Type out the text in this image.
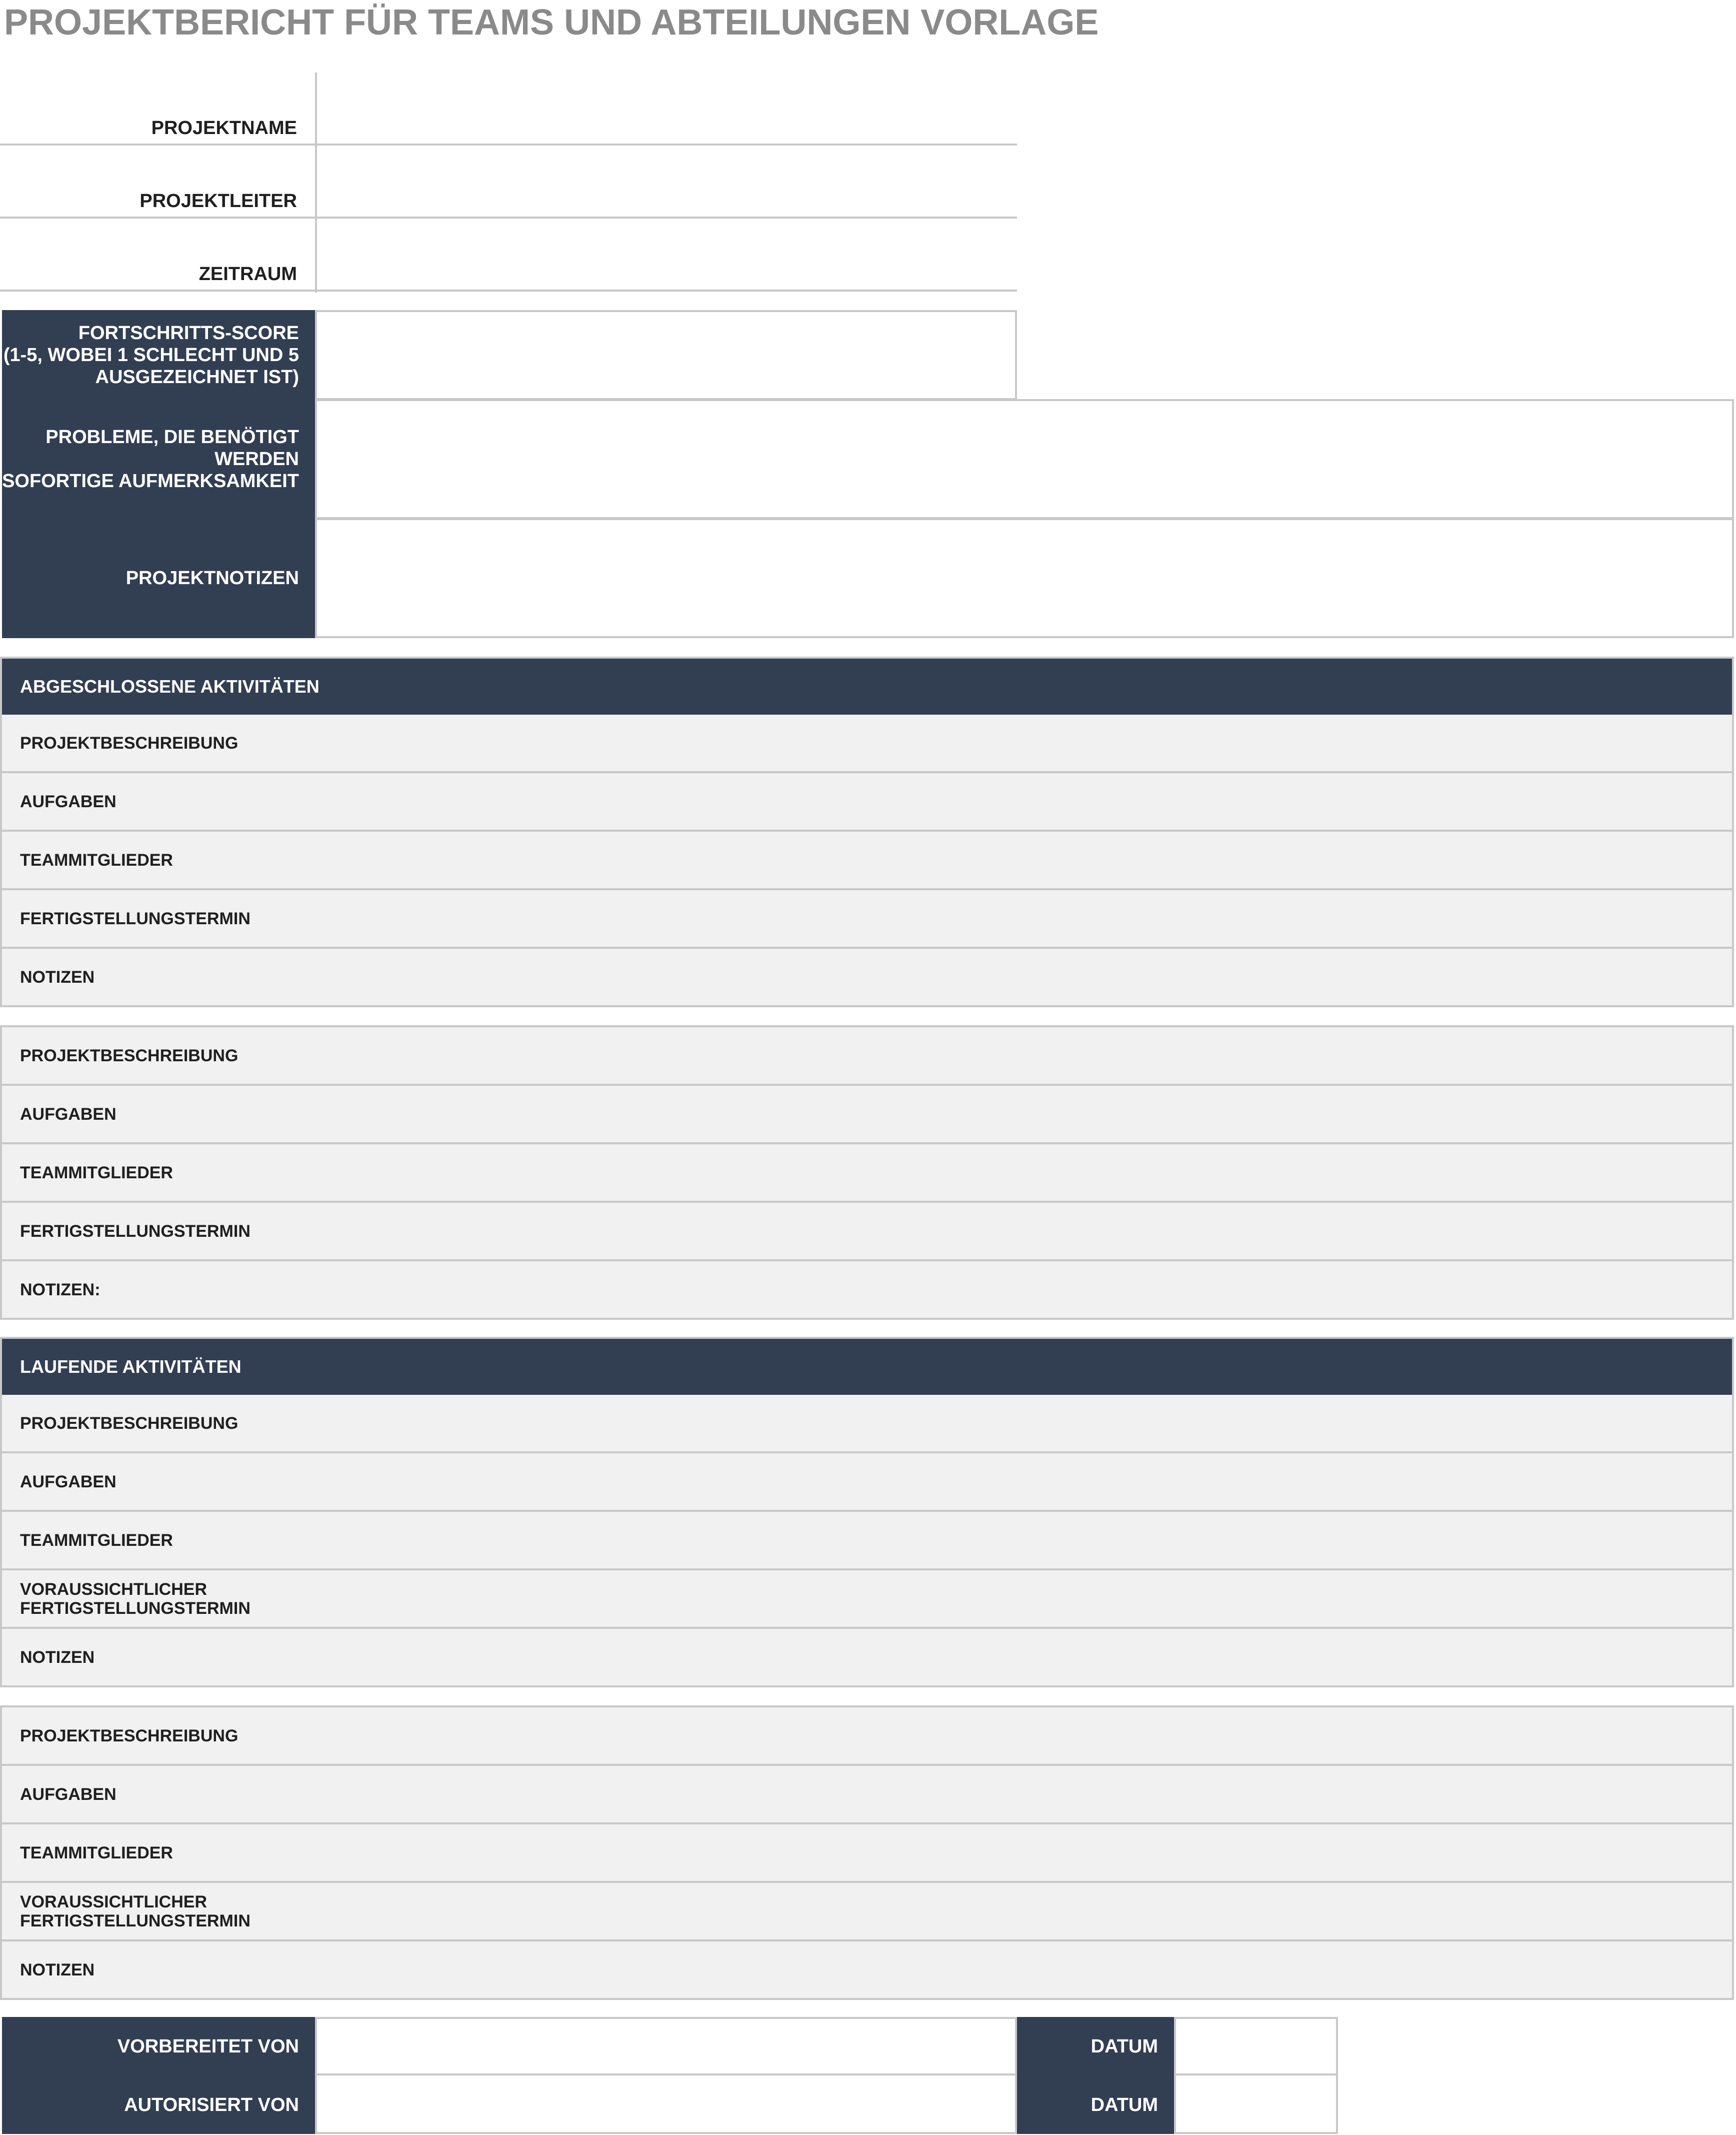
PROJEKTBERICHT FÜR TEAMS UND ABTEILUNGEN VORLAGE
PROJEKTNAME
PROJEKTLEITER
ZEITRAUM
FORTSCHRITTS-SCORE
(1-5, WOBEI 1 SCHLECHT UND 5
AUSGEZEICHNET IST)
PROBLEME, DIE BENÖTIGT
WERDEN
SOFORTIGE AUFMERKSAMKEIT
PROJEKTNOTIZEN
ABGESCHLOSSENE AKTIVITÄTEN
PROJEKTBESCHREIBUNG
AUFGABEN
TEAMMITGLIEDER
FERTIGSTELLUNGSTERMIN
NOTIZEN
PROJEKTBESCHREIBUNG
AUFGABEN
TEAMMITGLIEDER
FERTIGSTELLUNGSTERMIN
NOTIZEN:
LAUFENDE AKTIVITÄTEN
PROJEKTBESCHREIBUNG
AUFGABEN
TEAMMITGLIEDER
VORAUSSICHTLICHER
FERTIGSTELLUNGSTERMIN
NOTIZEN
PROJEKTBESCHREIBUNG
AUFGABEN
TEAMMITGLIEDER
VORAUSSICHTLICHER
FERTIGSTELLUNGSTERMIN
NOTIZEN
VORBEREITET VON	DATUM
AUTORISIERT VON	DATUM
